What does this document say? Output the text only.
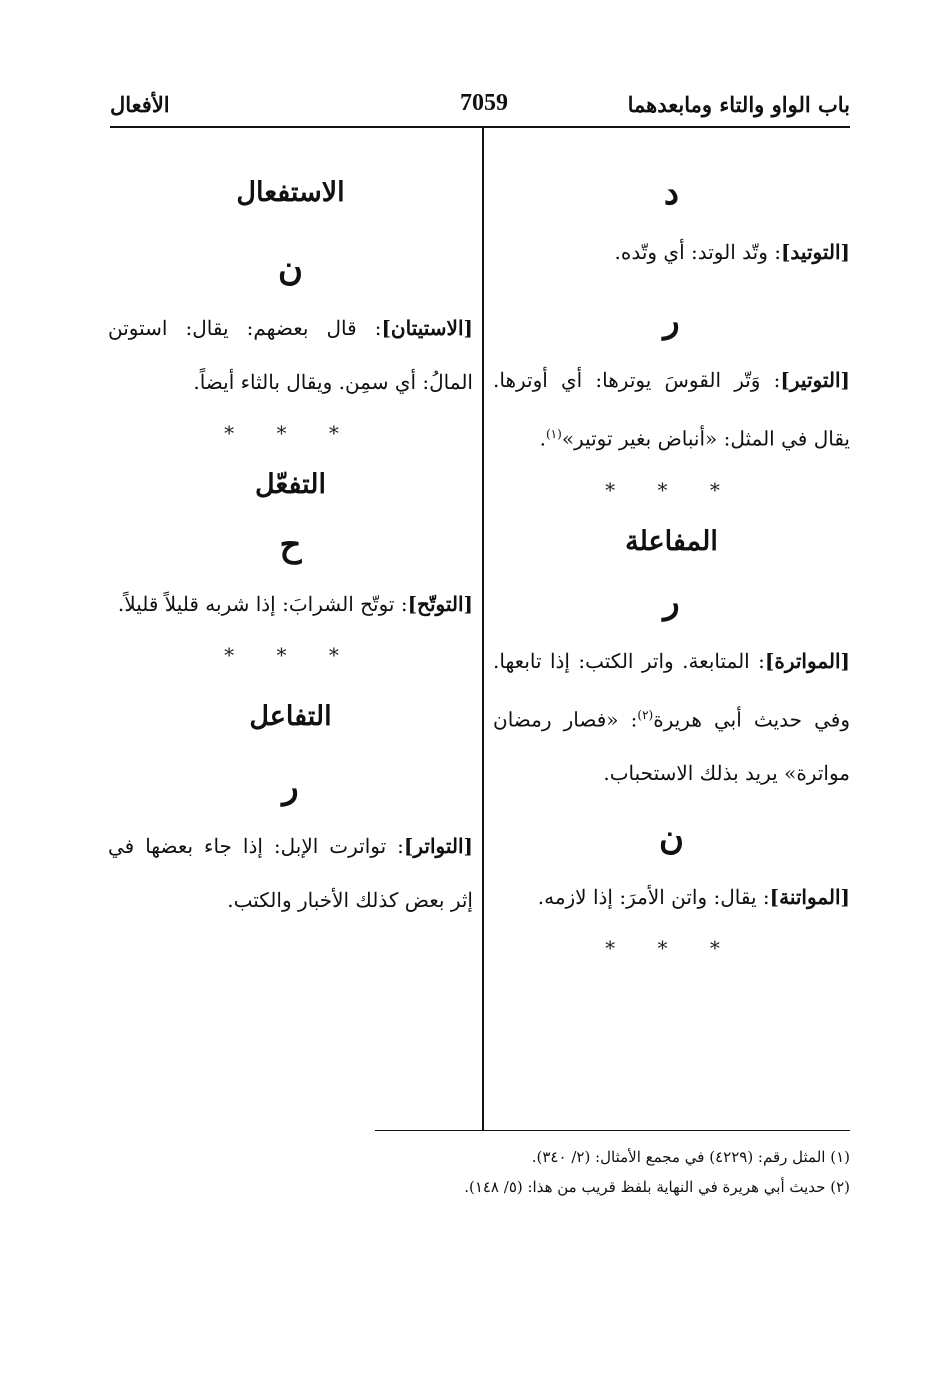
باب الواو والتاء ومابعدهما
7059
الأفعال
د

[التوتيد]: وتّد الوتد: أي وتّده.

ر

[التوتير]: وَتّر القوسَ يوترها: أي أوترها. يقال في المثل: «أنباض بغير توتير»$^{(١)}$.

* * *
المفاعلة
ر

[المواترة]: المتابعة. واتر الكتب: إذا تابعها. وفي حديث أبي هريرة$^{(٢)}$: «فصار رمضان مواترة» يريد بذلك الاستحباب.

ن

[المواتنة]: يقال: واتن الأمرَ: إذا لازمه.

* * *
الاستفعال
ن

[الاستيتان]: قال بعضهم: يقال: استوتن المالُ: أي سمِن. ويقال بالثاء أيضاً.

* * *
التفعّل
ح

[التوتّح]: توتّح الشرابَ: إذا شربه قليلاً قليلاً.

* * *
التفاعل
ر

[التواتر]: تواترت الإبل: إذا جاء بعضها في إثر بعض كذلك الأخبار والكتب.

(١) المثل رقم: (٤٢٢٩) في مجمع الأمثال: (٢/ ٣٤٠).

(٢) حديث أبي هريرة في النهاية بلفظ قريب من هذا: (٥/ ١٤٨).
